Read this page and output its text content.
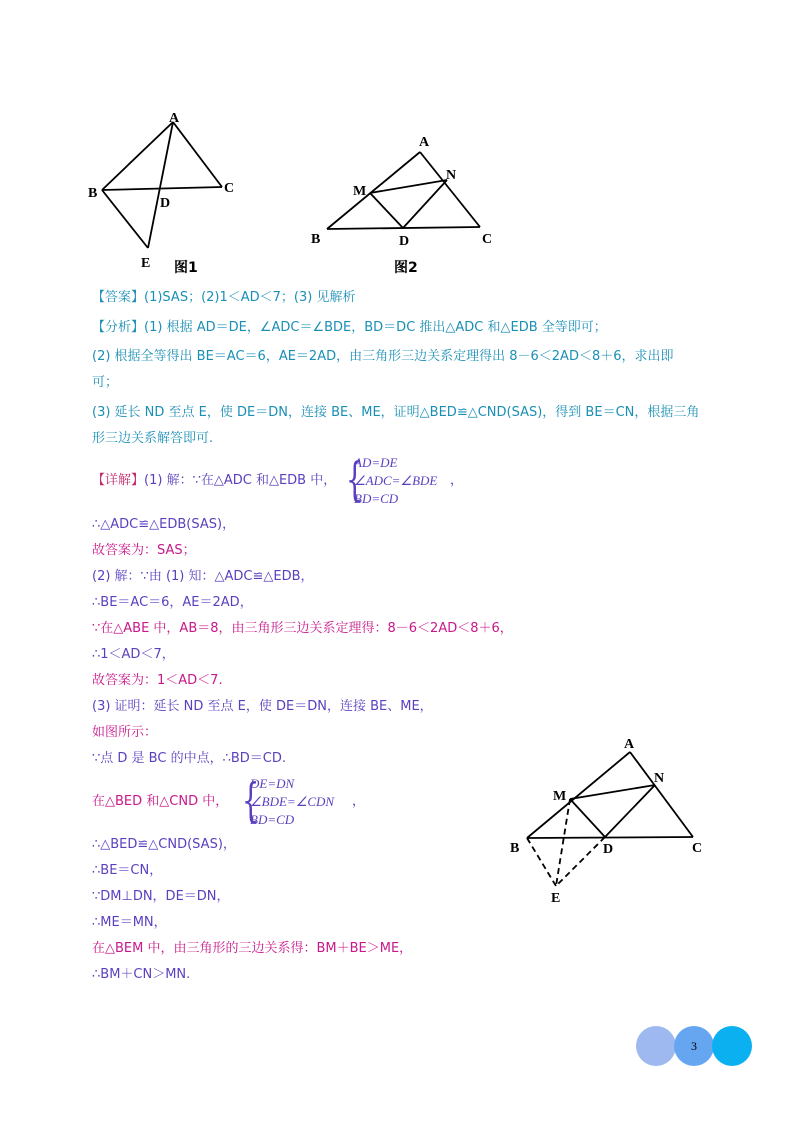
A
B	C
D
E 图1
A
M
N
B	D	C
图2
【答案】(1)SAS；(2)1＜AD＜7；(3) 见解析
【分析】(1) 根据 AD＝DE，∠ADC＝∠BDE，BD＝DC 推出△ADC 和△EDB 全等即可；
(2) 根据全等得出 BE＝AC＝6，AE＝2AD，由三角形三边关系定理得出 8－6＜2AD＜8＋6，求出即
可；
(3) 延长 ND 至点 E，使 DE＝DN，连接 BE、ME，证明△BED≌△CND(SAS)，得到 BE＝CN，根据三角
形三边关系解答即可.
【详解】(1) 解：∵在△ADC 和△EDB 中， {
AD=DE
∠ADC=∠BDE
BD=CD
，
∴△ADC≌△EDB(SAS)，
故答案为：SAS；
(2) 解：∵由 (1) 知：△ADC≌△EDB，
∴BE＝AC＝6，AE＝2AD，
∵在△ABE 中，AB＝8，由三角形三边关系定理得：8－6＜2AD＜8＋6，
∴1＜AD＜7，
故答案为：1＜AD＜7.
(3) 证明：延长 ND 至点 E，使 DE＝DN，连接 BE、ME，
如图所示：
∵点 D 是 BC 的中点，∴BD＝CD.
在△BED 和△CND 中， {
DE=DN
∠BDE=∠CDN
BD=CD
，
∴△BED≌△CND(SAS)，
∴BE＝CN，
∵DM⊥DN，DE＝DN，
∴ME＝MN，
在△BEM 中，由三角形的三边关系得：BM＋BE＞ME，
∴BM＋CN＞MN.
A
M
N
B	D	C
E
3
